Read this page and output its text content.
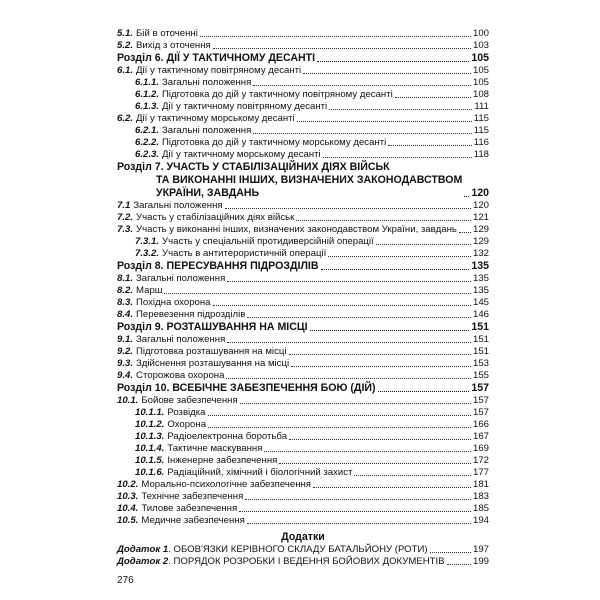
5.1. Бій в оточенні	100
5.2. Вихід з оточення	103
Розділ 6. ДІЇ У ТАКТИЧНОМУ ДЕСАНТІ	105
6.1. Дії у тактичному повітряному десанті	105
6.1.1. Загальні положення	105
6.1.2. Підготовка до дій у тактичному повітряному десанті	108
6.1.3. Дії у тактичному повітряному десанті	111
6.2. Дії у тактичному морському десанті	115
6.2.1. Загальні положення	115
6.2.2. Підготовка до дій у тактичному морському десанті	116
6.2.3. Дії у тактичному морському десанті	118
Розділ 7. УЧАСТЬ У СТАБІЛІЗАЦІЙНИХ ДІЯХ ВІЙСЬК
ТА ВИКОНАННІ ІНШИХ, ВИЗНАЧЕНИХ ЗАКОНОДАВСТВОМ
УКРАЇНИ, ЗАВДАНЬ	120
7.1 Загальні положення	120
7.2. Участь у стабілізаційних діях військ	121
7.3. Участь у виконанні інших, визначених законодавством України, завдань 129
7.3.1. Участь у спеціальній протидиверсійній операції	129
7.3.2. Участь в антитерористичній операції	132
Розділ 8. ПЕРЕСУВАННЯ ПІДРОЗДІЛІВ	135
8.1. Загальні положення	135
8.2. Марш	135
8.3. Похідна охорона	145
8.4. Перевезення підрозділів	146
Розділ 9. РОЗТАШУВАННЯ НА МІСЦІ	151
9.1. Загальні положення	151
9.2. Підготовка розташування на місці	151
9.3. Здійснення розташування на місці	153
9.4. Сторожова охорона	155
Розділ 10. ВСЕБІЧНЕ ЗАБЕЗПЕЧЕННЯ БОЮ (ДІЙ)	157
10.1. Бойове забезпечення	157
10.1.1. Розвідка	157
10.1.2. Охорона	166
10.1.3. Радіоелектронна боротьба	167
10.1.4. Тактичне маскування	169
10.1.5. Інженерне забезпечення	172
10.1.6. Радіаційний, хімічний і біологічний захист	177
10.2. Морально-психологічне забезпечення	181
10.3. Технічне забезпечення	183
10.4. Тилове забезпечення	185
10.5. Медичне забезпечення	194
Додатки
Додаток 1 . ОБОВ'ЯЗКИ КЕРІВНОГО СКЛАДУ БАТАЛЬЙОНУ (РОТИ)	197
Додаток 2 . ПОРЯДОК РОЗРОБКИ І ВЕДЕННЯ БОЙОВИХ ДОКУМЕНТІВ	199
276
